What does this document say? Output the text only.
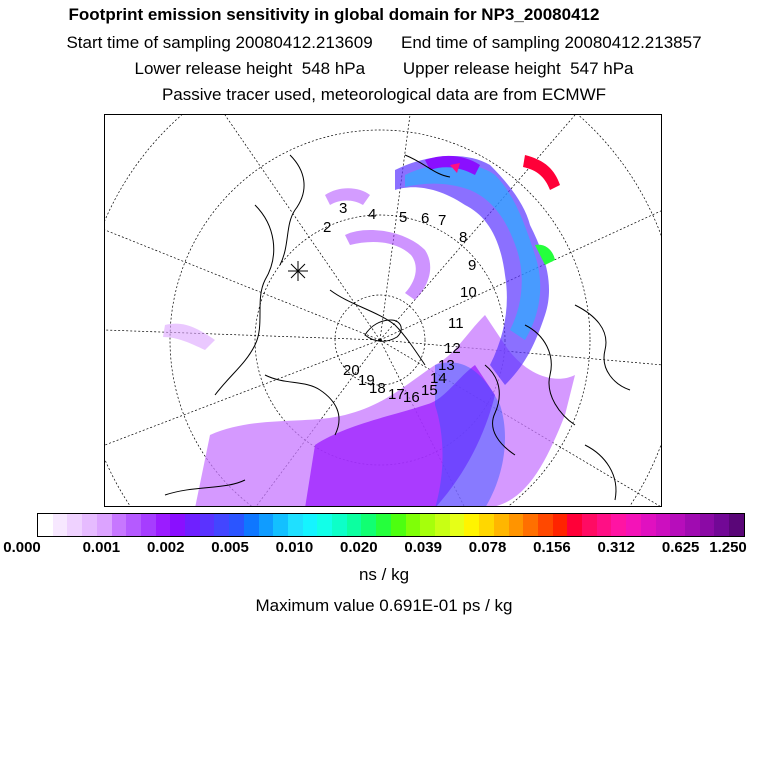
Footprint emission sensitivity in global domain for NP3_20080412
Start time of sampling 20080412.213609      End time of sampling 20080412.213857
Lower release height  548 hPa        Upper release height  547 hPa
Passive tracer used, meteorological data are from ECMWF
2
3 4 5 6 7
8
9
10
11
12
13
14
15
16
17
18
19
20
0.000	0.001 0.002 0.005 0.010 0.020 0.039 0.078 0.156 0.312 0.625 1.250
ns / kg
Maximum value 0.691E-01 ps / kg
